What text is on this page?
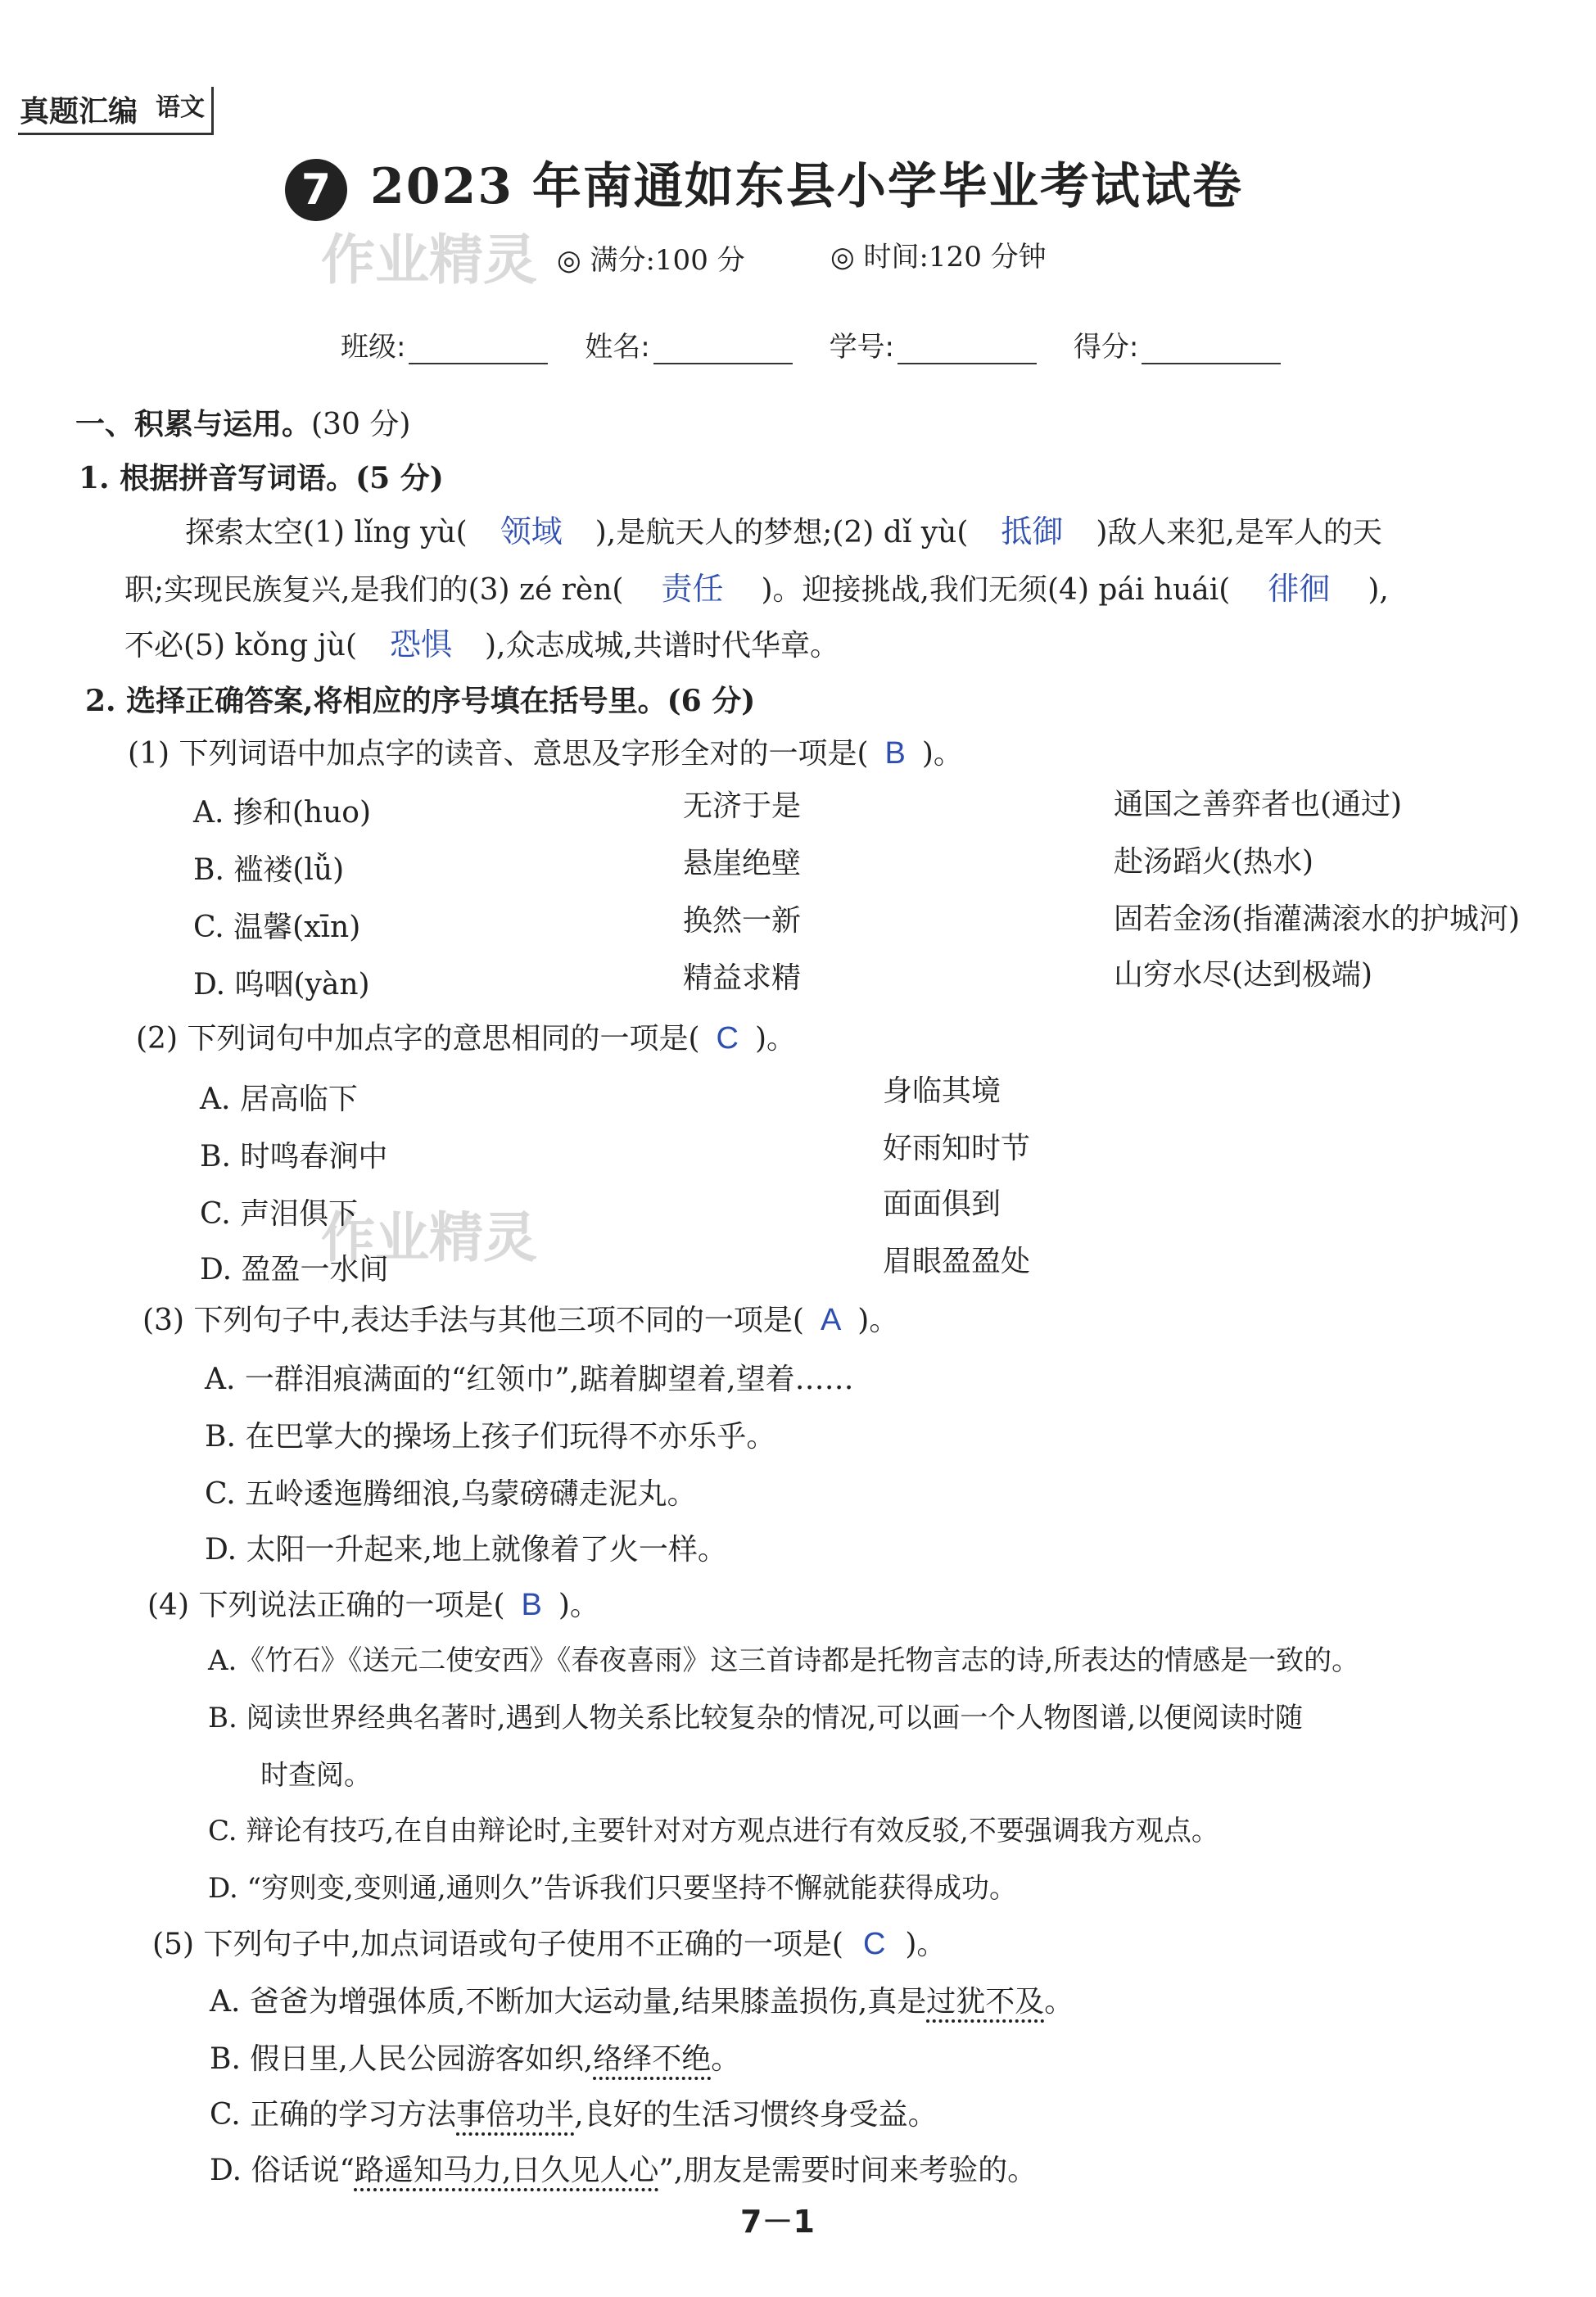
真题汇编 语文
7 2023 年南通如东县小学毕业考试试卷
作业精灵 ◎ 满分:100 分	◎ 时间:120 分钟
班级:	姓名:	学号:	得分:
一、积累与运用。(30 分)
1. 根据拼音写词语。(5 分)
探索太空(1) lǐng yù( 领域 ),是航天人的梦想;(2) dǐ yù( 抵御 )敌人来犯,是军人的天
职;实现民族复兴,是我们的(3) zé rèn( 责任 )。迎接挑战,我们无须(4) pái huái( 徘徊 ),
不必(5) kǒng jù( 恐惧 ),众志成城,共谱时代华章。
2. 选择正确答案,将相应的序号填在括号里。(6 分)
(1) 下列词语中加点字的读音、意思及字形全对的一项是( B )。
A. 掺和(huo)	无济于是	通国之善弈者也(通过)
B. 褴褛(lǚ)	悬崖绝壁	赴汤蹈火(热水)
C. 温馨(xīn)	换然一新	固若金汤(指灌满滚水的护城河)
D. 呜咽(yàn)	精益求精	山穷水尽(达到极端)
(2) 下列词句中加点字的意思相同的一项是( C )。
A. 居高临下	身临其境
B. 时鸣春涧中	好雨知时节
作业精灵
C. 声泪俱下	面面俱到
D. 盈盈一水间	眉眼盈盈处
(3) 下列句子中,表达手法与其他三项不同的一项是( A )。
A. 一群泪痕满面的“红领巾”,踮着脚望着,望着……
B. 在巴掌大的操场上孩子们玩得不亦乐乎。
C. 五岭逶迤腾细浪,乌蒙磅礴走泥丸。
D. 太阳一升起来,地上就像着了火一样。
(4) 下列说法正确的一项是( B )。
A.《竹石》《送元二使安西》《春夜喜雨》这三首诗都是托物言志的诗,所表达的情感是一致的。
B. 阅读世界经典名著时,遇到人物关系比较复杂的情况,可以画一个人物图谱,以便阅读时随
时查阅。
C. 辩论有技巧,在自由辩论时,主要针对对方观点进行有效反驳,不要强调我方观点。
D. “穷则变,变则通,通则久”告诉我们只要坚持不懈就能获得成功。
(5) 下列句子中,加点词语或句子使用不正确的一项是( C )。
A. 爸爸为增强体质,不断加大运动量,结果膝盖损伤,真是过犹不及。
B. 假日里,人民公园游客如织,络绎不绝。
C. 正确的学习方法事倍功半,良好的生活习惯终身受益。
D. 俗话说“路遥知马力,日久见人心”,朋友是需要时间来考验的。
7－1
